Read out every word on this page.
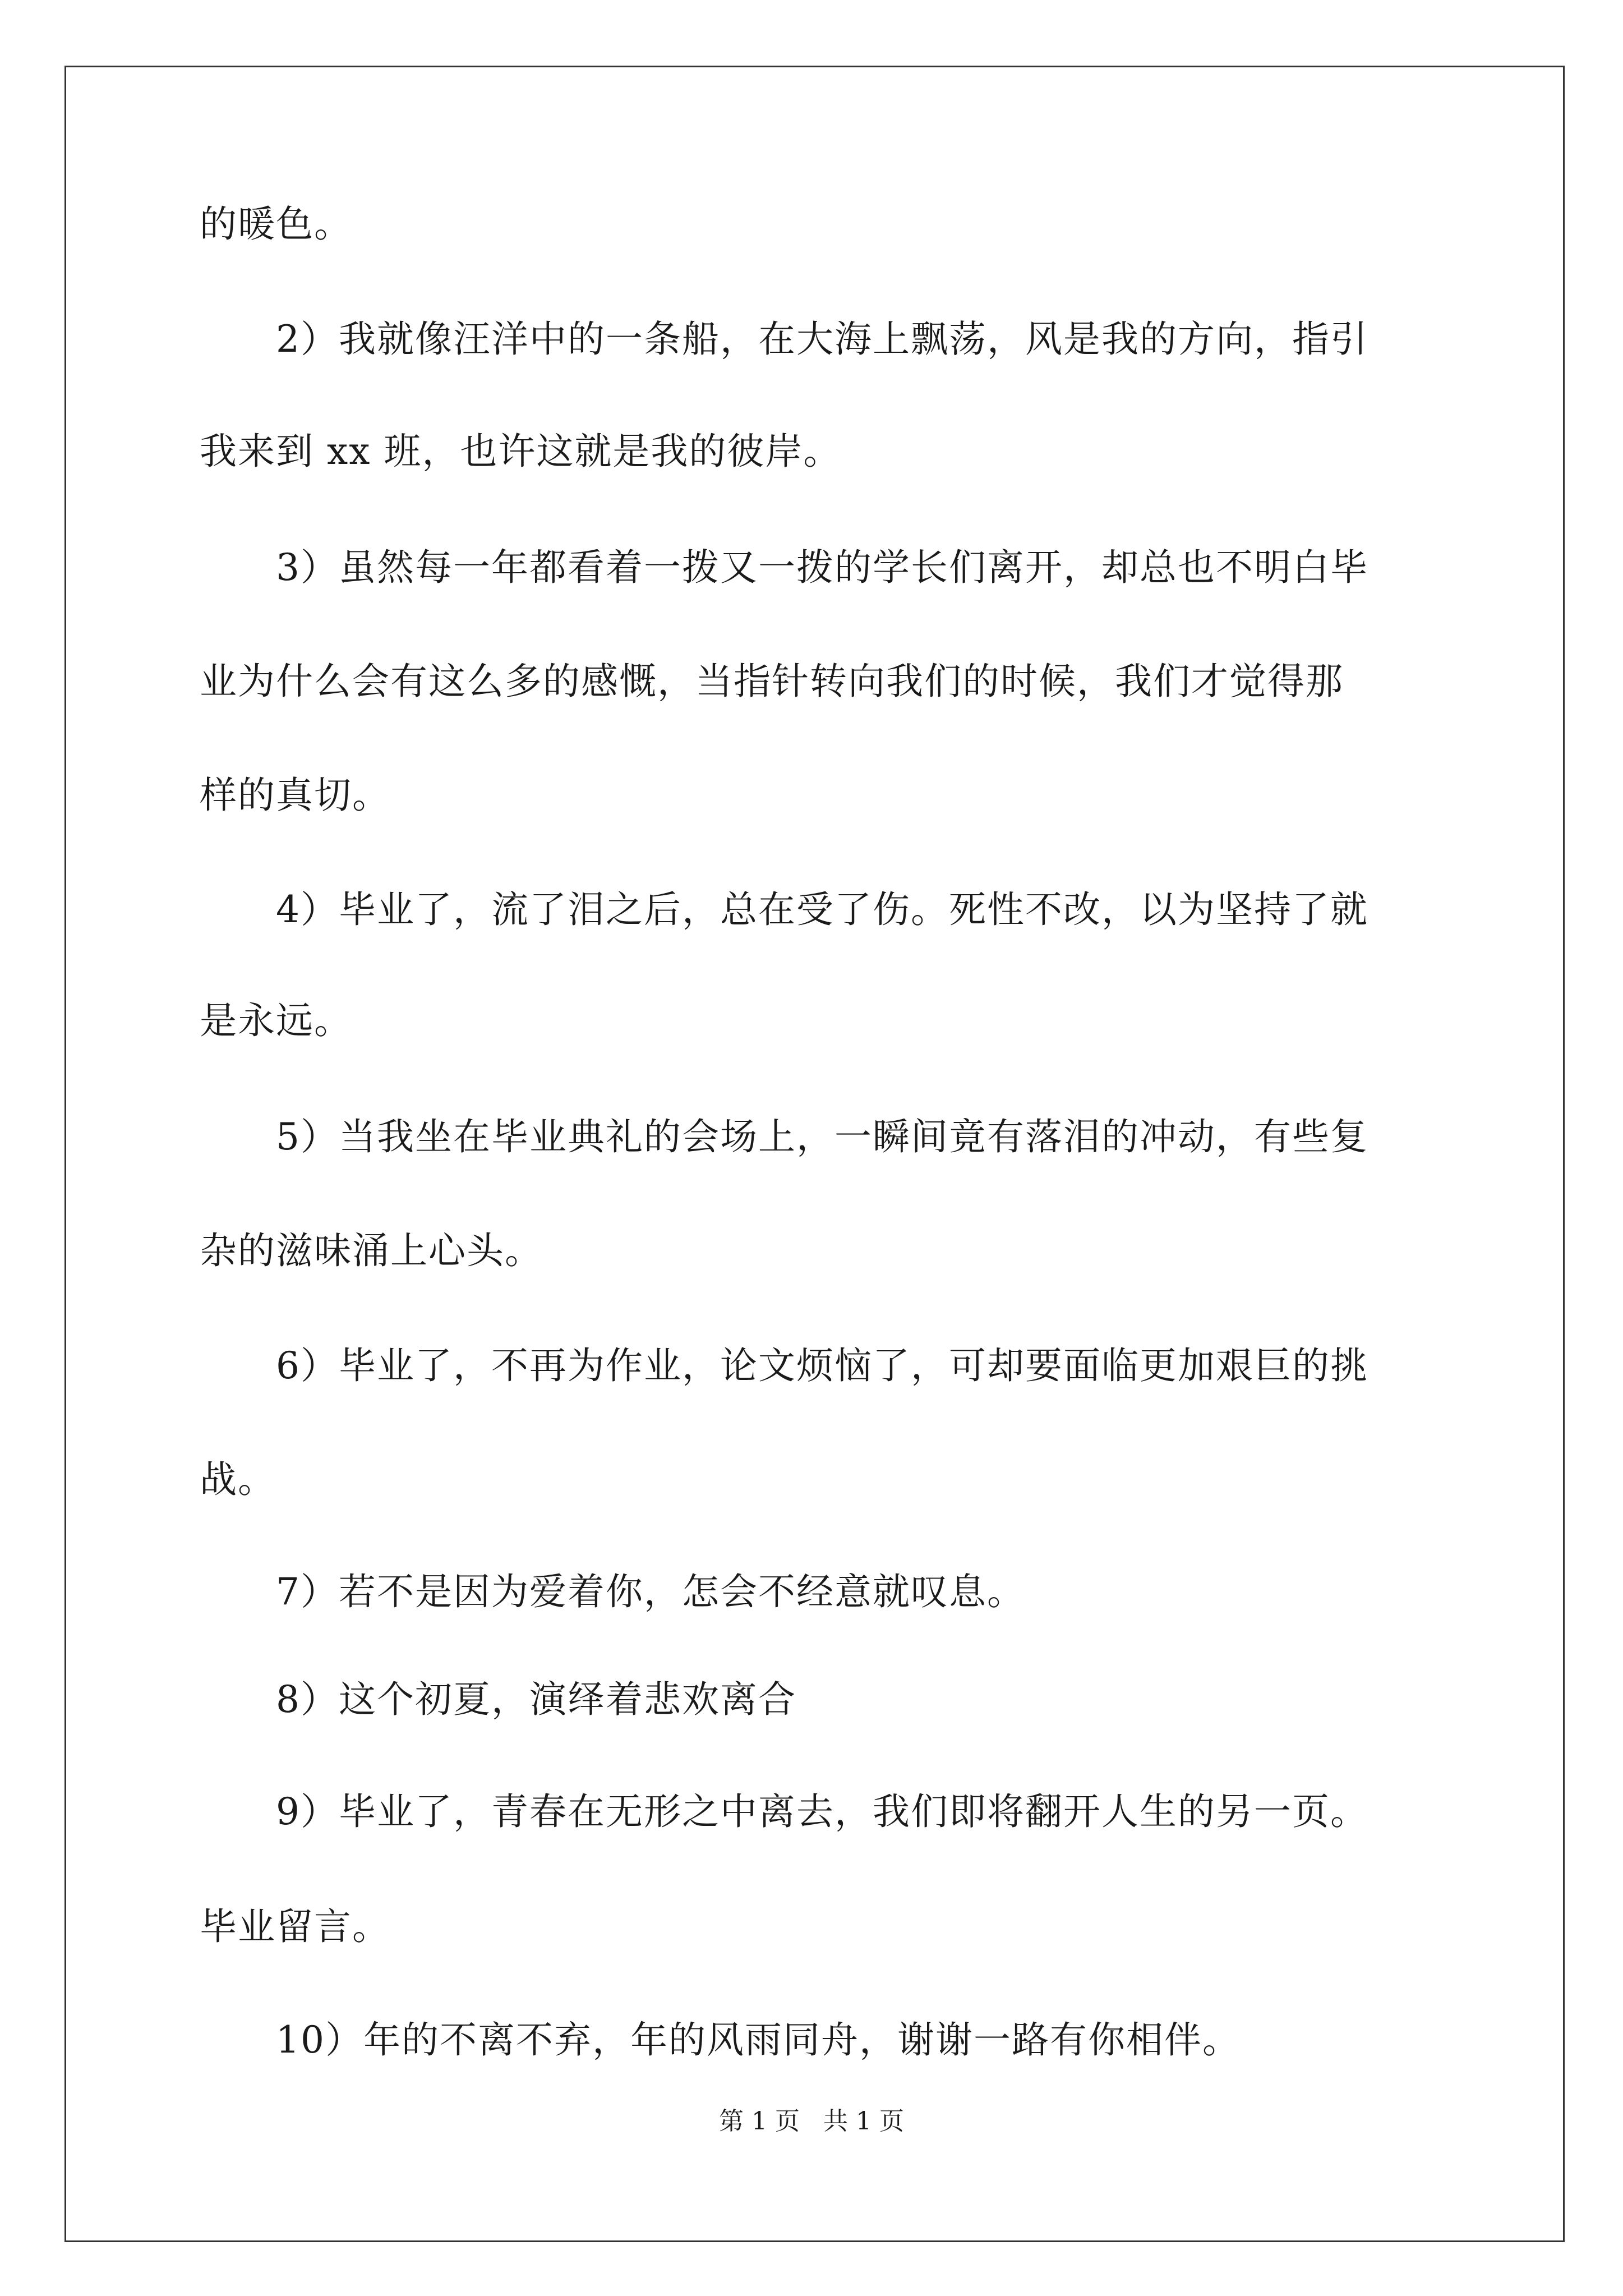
的暖色。
　　2）我就像汪洋中的一条船，在大海上飘荡，风是我的方向，指引
我来到 xx 班，也许这就是我的彼岸。
　　3）虽然每一年都看着一拨又一拨的学长们离开，却总也不明白毕
业为什么会有这么多的感慨，当指针转向我们的时候，我们才觉得那
样的真切。
　　4）毕业了，流了泪之后，总在受了伤。死性不改，以为坚持了就
是永远。
　　5）当我坐在毕业典礼的会场上，一瞬间竟有落泪的冲动，有些复
杂的滋味涌上心头。
　　6）毕业了，不再为作业，论文烦恼了，可却要面临更加艰巨的挑
战。
　　7）若不是因为爱着你，怎会不经意就叹息。
　　8）这个初夏，演绎着悲欢离合
　　9）毕业了，青春在无形之中离去，我们即将翻开人生的另一页。
毕业留言。
　　10）年的不离不弃，年的风雨同舟，谢谢一路有你相伴。
第 1 页 共 1 页
